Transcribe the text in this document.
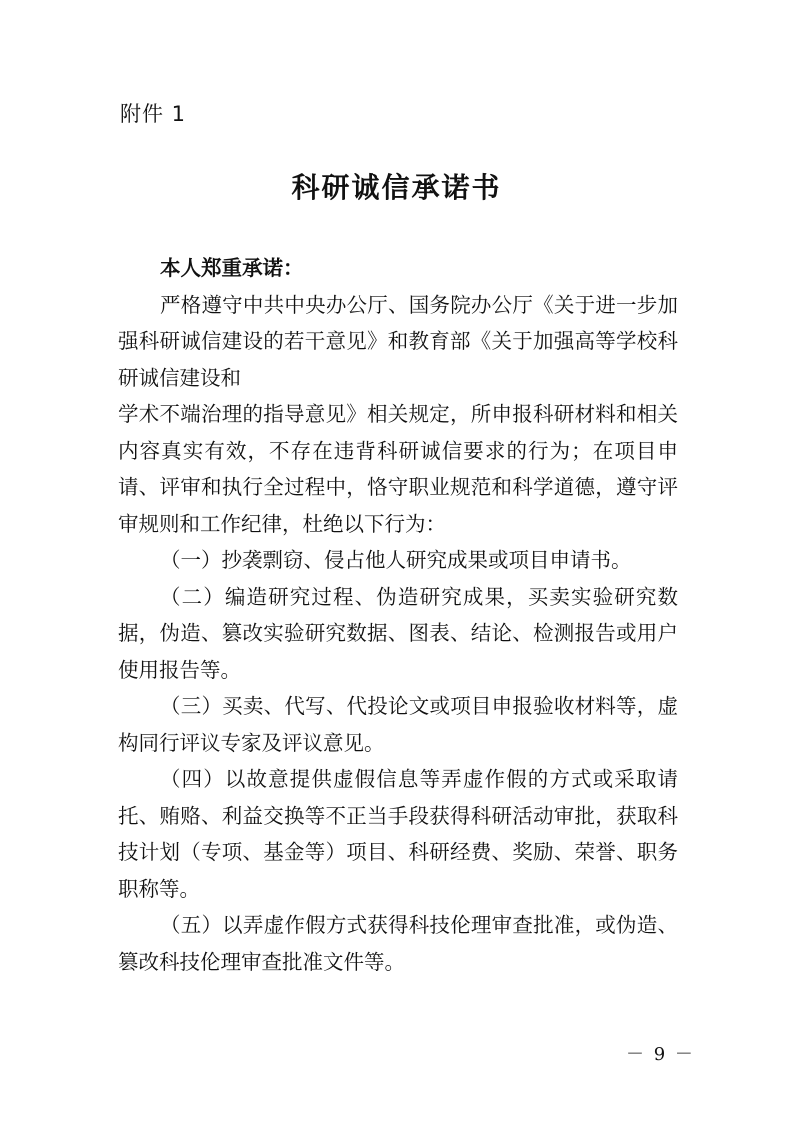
附件 1
科研诚信承诺书

本人郑重承诺：

严格遵守中共中央办公厅、国务院办公厅《关于进一步加强科研诚信建设的若干意见》和教育部《关于加强高等学校科研诚信建设和

学术不端治理的指导意见》相关规定，所申报科研材料和相关内容真实有效，不存在违背科研诚信要求的行为；在项目申请、评审和执行全过程中，恪守职业规范和科学道德，遵守评审规则和工作纪律，杜绝以下行为：

（一）抄袭剽窃、侵占他人研究成果或项目申请书。

（二）编造研究过程、伪造研究成果，买卖实验研究数据，伪造、篡改实验研究数据、图表、结论、检测报告或用户使用报告等。

（三）买卖、代写、代投论文或项目申报验收材料等，虚构同行评议专家及评议意见。

（四）以故意提供虚假信息等弄虚作假的方式或采取请托、贿赂、利益交换等不正当手段获得科研活动审批，获取科技计划（专项、基金等）项目、科研经费、奖励、荣誉、职务职称等。

（五）以弄虚作假方式获得科技伦理审查批准，或伪造、篡改科技伦理审查批准文件等。

－ 9 －
